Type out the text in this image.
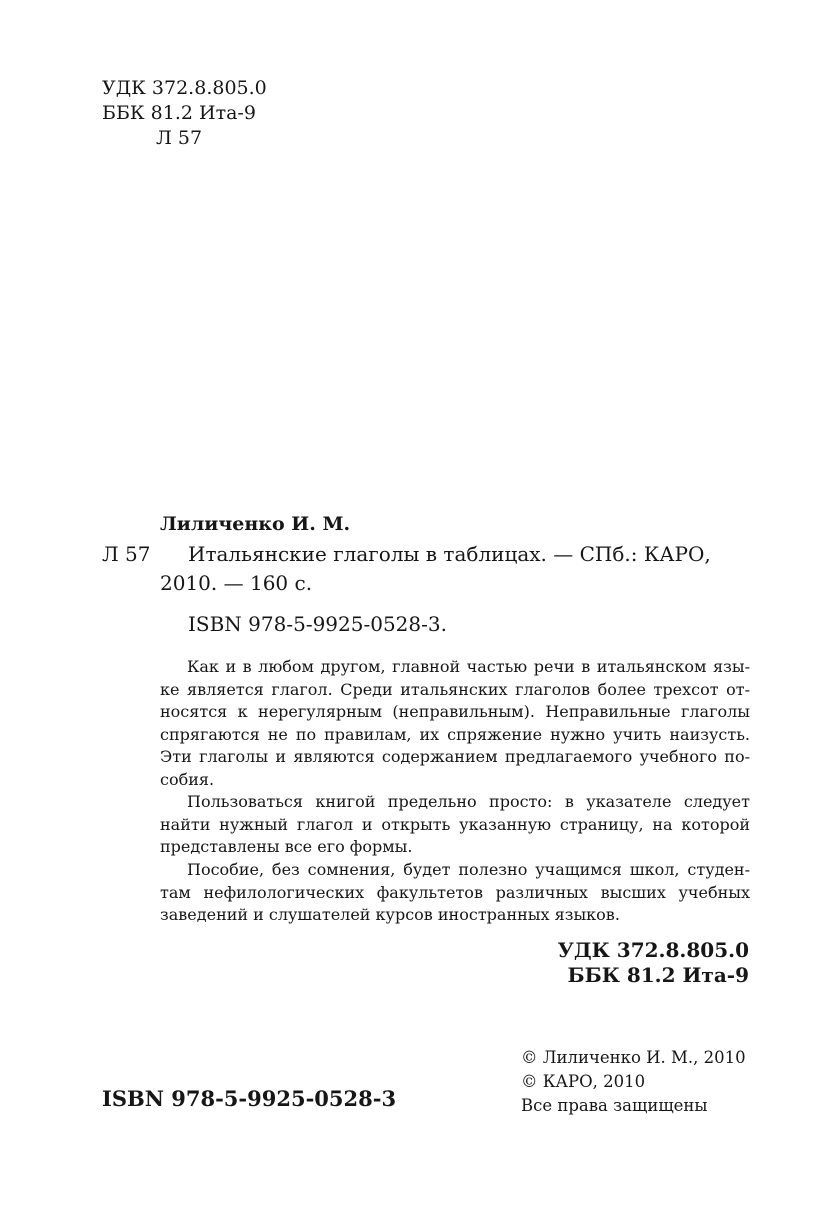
УДК 372.8.805.0
ББК 81.2 Ита-9
Л 57
Лиличенко И. М.
Л 57 Итальянские глаголы в таблицах. — СПб.: КАРО,
2010. — 160 с.
ISBN 978-5-9925-0528-3.

Как и в любом другом, главной частью речи в итальянском язы- ке является глагол. Среди итальянских глаголов более трехсот от- носятся к нерегулярным (неправильным). Неправильные глаголы спрягаются не по правилам, их спряжение нужно учить наизусть. Эти глаголы и являются содержанием предлагаемого учебного по- собия.

Пользоваться книгой предельно просто: в указателе следует найти нужный глагол и открыть указанную страницу, на которой представлены все его формы.

Пособие, без сомнения, будет полезно учащимся школ, студен- там нефилологических факультетов различных высших учебных заведений и слушателей курсов иностранных языков.

УДК 372.8.805.0
ББК 81.2 Ита-9
ISBN 978-5-9925-0528-3
© Лиличенко И. М., 2010
© КАРО, 2010
Все права защищены
